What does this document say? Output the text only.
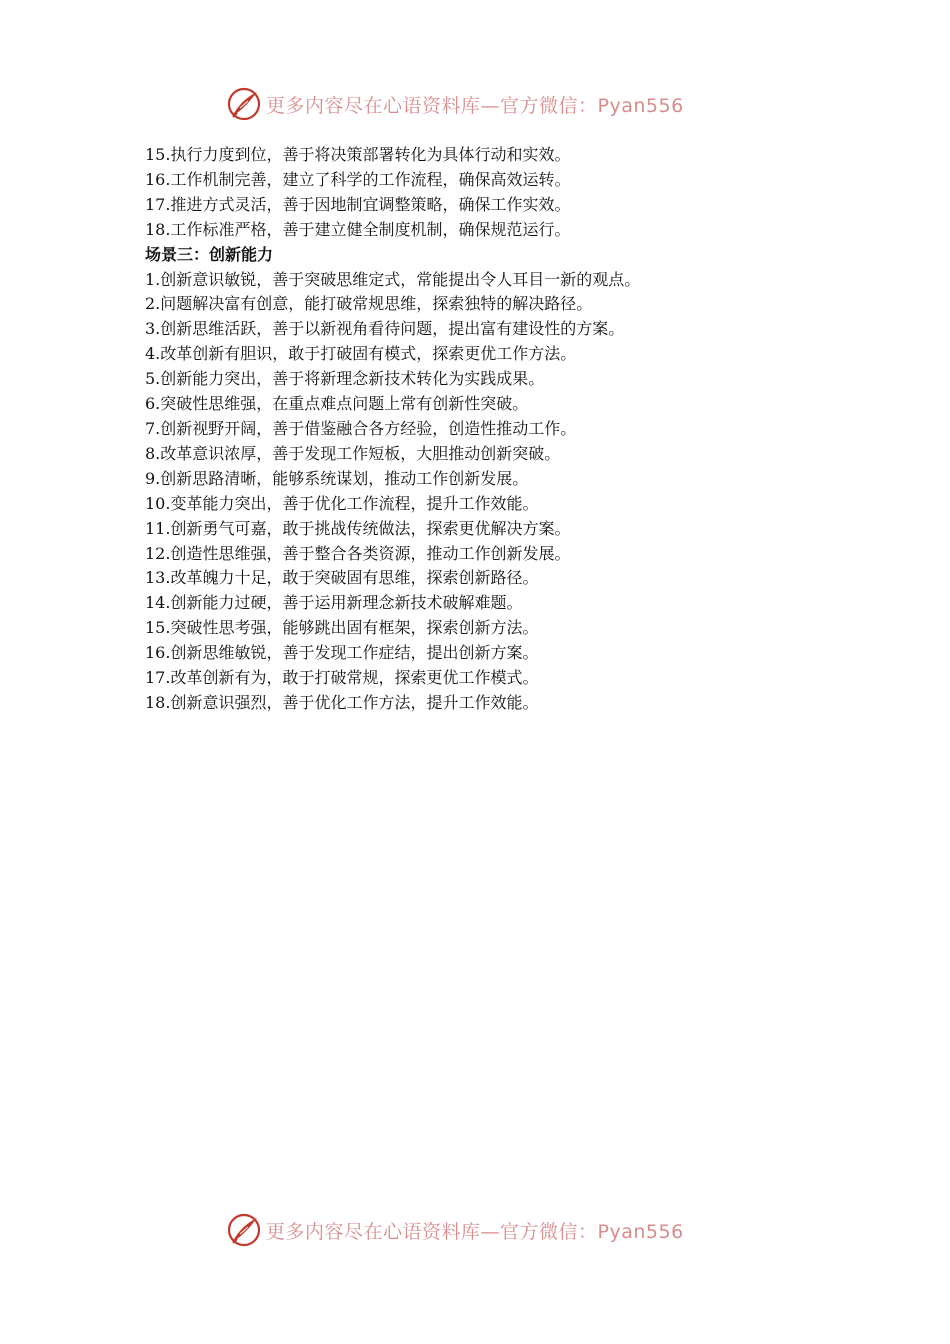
更多内容尽在心语资料库—官方微信：Pyan556
15.执行力度到位，善于将决策部署转化为具体行动和实效。
16.工作机制完善，建立了科学的工作流程，确保高效运转。
17.推进方式灵活，善于因地制宜调整策略，确保工作实效。
18.工作标准严格，善于建立健全制度机制，确保规范运行。
场景三：创新能力
1.创新意识敏锐，善于突破思维定式，常能提出令人耳目一新的观点。
2.问题解决富有创意，能打破常规思维，探索独特的解决路径。
3.创新思维活跃，善于以新视角看待问题，提出富有建设性的方案。
4.改革创新有胆识，敢于打破固有模式，探索更优工作方法。
5.创新能力突出，善于将新理念新技术转化为实践成果。
6.突破性思维强，在重点难点问题上常有创新性突破。
7.创新视野开阔，善于借鉴融合各方经验，创造性推动工作。
8.改革意识浓厚，善于发现工作短板，大胆推动创新突破。
9.创新思路清晰，能够系统谋划，推动工作创新发展。
10.变革能力突出，善于优化工作流程，提升工作效能。
11.创新勇气可嘉，敢于挑战传统做法，探索更优解决方案。
12.创造性思维强，善于整合各类资源，推动工作创新发展。
13.改革魄力十足，敢于突破固有思维，探索创新路径。
14.创新能力过硬，善于运用新理念新技术破解难题。
15.突破性思考强，能够跳出固有框架，探索创新方法。
16.创新思维敏锐，善于发现工作症结，提出创新方案。
17.改革创新有为，敢于打破常规，探索更优工作模式。
18.创新意识强烈，善于优化工作方法，提升工作效能。
更多内容尽在心语资料库—官方微信：Pyan556
